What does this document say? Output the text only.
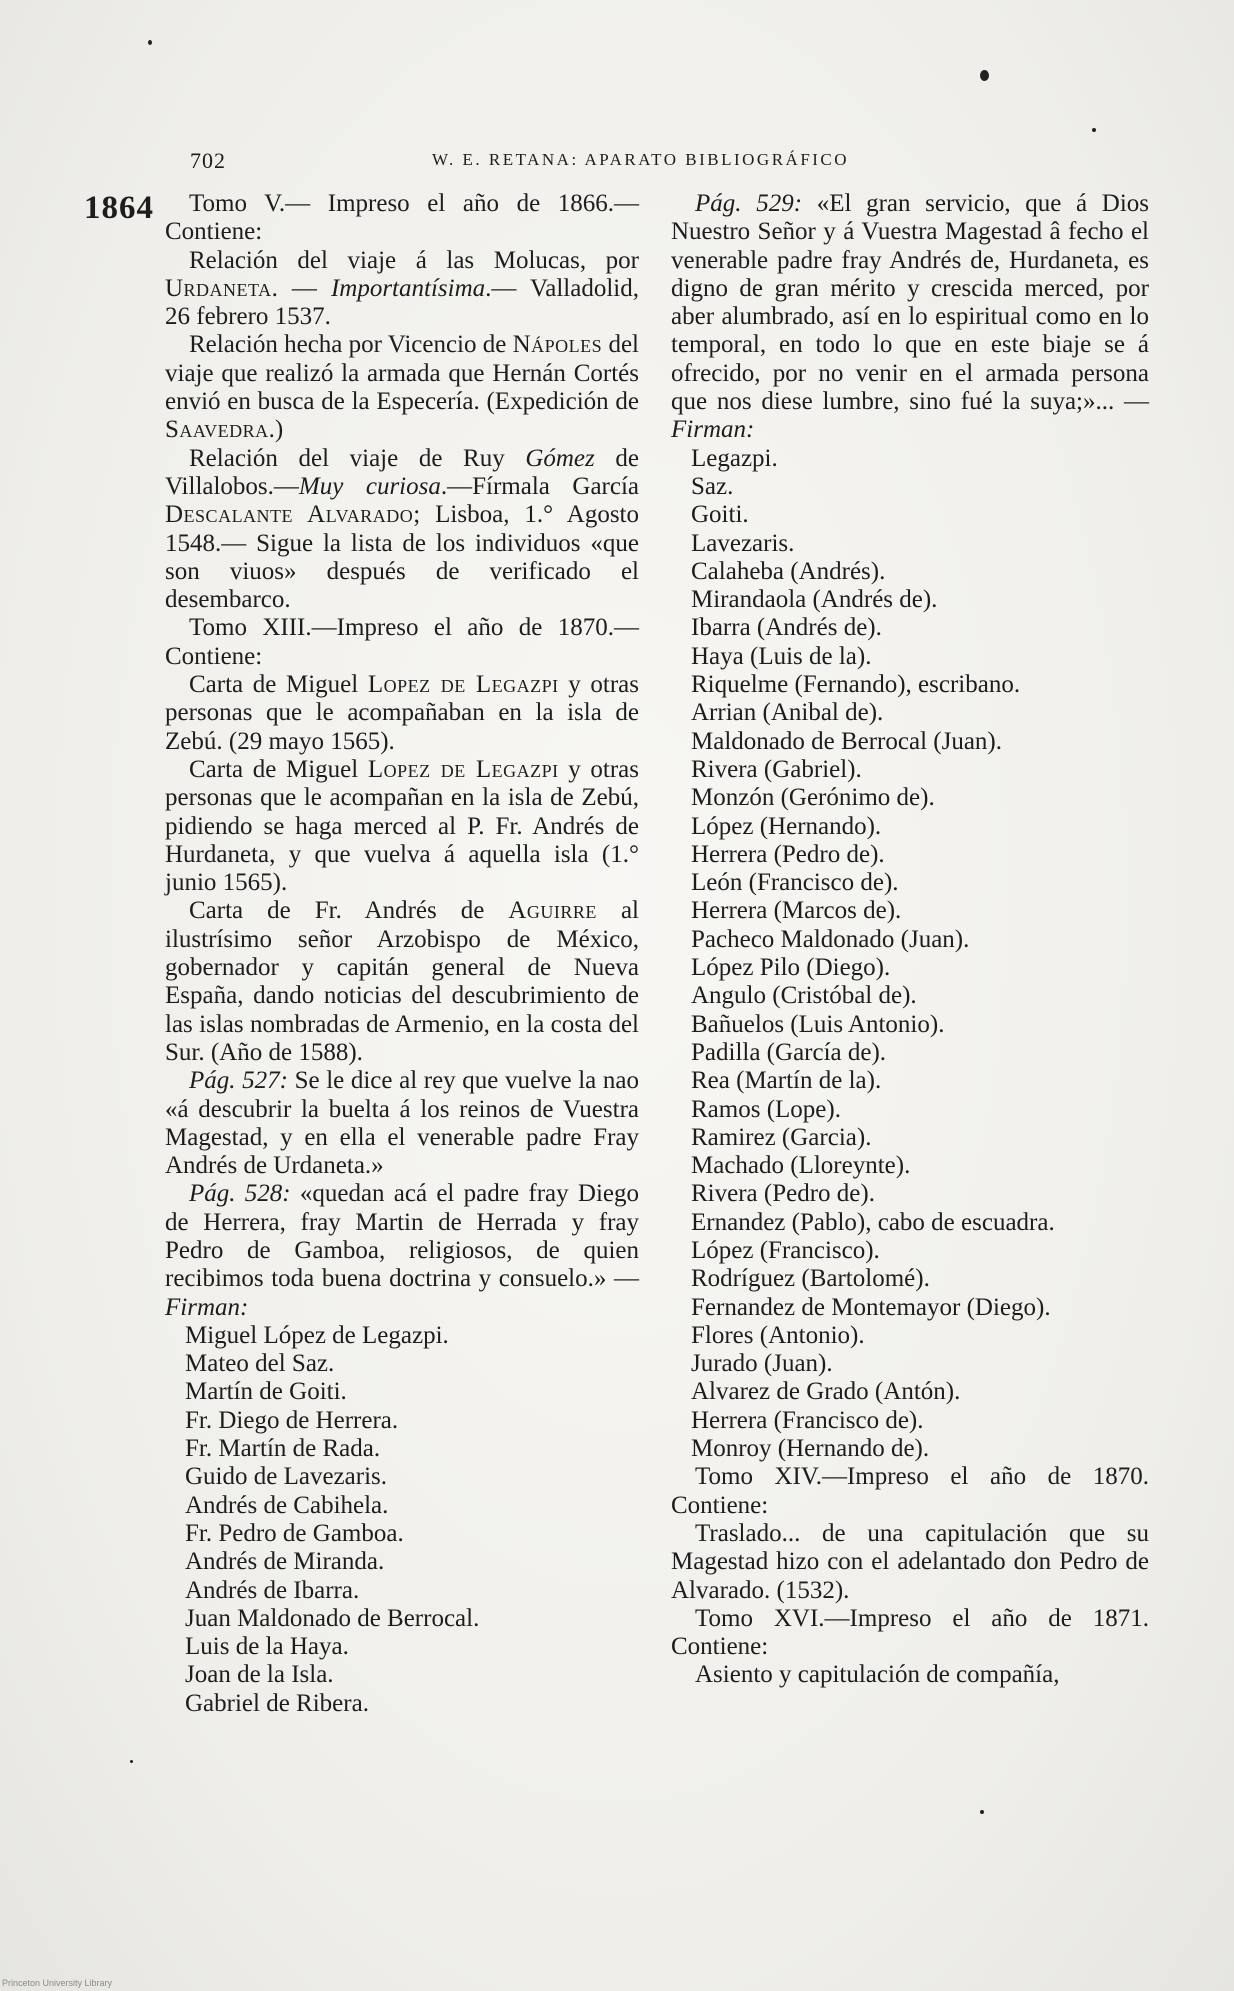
702	W. E. RETANA: APARATO BIBLIOGRÁFICO
1864	Tomo V.— Impreso el año de 1866.— Contiene:

Relación del viaje á las Molucas, por Urdaneta. — Importantísima.— Valladolid, 26 febrero 1537.

Relación hecha por Vicencio de Nápoles del viaje que realizó la armada que Hernán Cortés envió en busca de la Especería. (Expedición de Saavedra.)

Relación del viaje de Ruy Gómez de Villalobos.—Muy curiosa.—Fírmala García Descalante Alvarado; Lisboa, 1.° Agosto 1548.— Sigue la lista de los individuos «que son viuos» después de verificado el desembarco.

Tomo XIII.—Impreso el año de 1870.— Contiene:

Carta de Miguel Lopez de Legazpi y otras personas que le acompañaban en la isla de Zebú. (29 mayo 1565).

Carta de Miguel Lopez de Legazpi y otras personas que le acompañan en la isla de Zebú, pidiendo se haga merced al P. Fr. Andrés de Hurdaneta, y que vuelva á aquella isla (1.° junio 1565).

Carta de Fr. Andrés de Aguirre al ilustrísimo señor Arzobispo de México, gobernador y capitán general de Nueva España, dando noticias del descubrimiento de las islas nombradas de Armenio, en la costa del Sur. (Año de 1588).

Pág. 527: Se le dice al rey que vuelve la nao «á descubrir la buelta á los reinos de Vuestra Magestad, y en ella el venerable padre Fray Andrés de Urdaneta.»

Pág. 528: «quedan acá el padre fray Diego de Herrera, fray Martin de Herrada y fray Pedro de Gamboa, religiosos, de quien recibimos toda buena doctrina y consuelo.» — Firman:

Miguel López de Legazpi.

Mateo del Saz.

Martín de Goiti.

Fr. Diego de Herrera.

Fr. Martín de Rada.

Guido de Lavezaris.

Andrés de Cabihela.

Fr. Pedro de Gamboa.

Andrés de Miranda.

Andrés de Ibarra.

Juan Maldonado de Berrocal.

Luis de la Haya.

Joan de la Isla.

Gabriel de Ribera.

Pág. 529: «El gran servicio, que á Dios Nuestro Señor y á Vuestra Magestad â fecho el venerable padre fray Andrés de, Hurdaneta, es digno de gran mérito y crescida merced, por aber alumbrado, así en lo espiritual como en lo temporal, en todo lo que en este biaje se á ofrecido, por no venir en el armada persona que nos diese lumbre, sino fué la suya;»... — Firman:

Legazpi.

Saz.

Goiti.

Lavezaris.

Calaheba (Andrés).

Mirandaola (Andrés de).

Ibarra (Andrés de).

Haya (Luis de la).

Riquelme (Fernando), escribano.

Arrian (Anibal de).

Maldonado de Berrocal (Juan).

Rivera (Gabriel).

Monzón (Gerónimo de).

López (Hernando).

Herrera (Pedro de).

León (Francisco de).

Herrera (Marcos de).

Pacheco Maldonado (Juan).

López Pilo (Diego).

Angulo (Cristóbal de).

Bañuelos (Luis Antonio).

Padilla (García de).

Rea (Martín de la).

Ramos (Lope).

Ramirez (Garcia).

Machado (Lloreynte).

Rivera (Pedro de).

Ernandez (Pablo), cabo de escuadra.

López (Francisco).

Rodríguez (Bartolomé).

Fernandez de Montemayor (Diego).

Flores (Antonio).

Jurado (Juan).

Alvarez de Grado (Antón).

Herrera (Francisco de).

Monroy (Hernando de).

Tomo XIV.—Impreso el año de 1870. Contiene:

Traslado... de una capitulación que su Magestad hizo con el adelantado don Pedro de Alvarado. (1532).

Tomo XVI.—Impreso el año de 1871. Contiene:

Asiento y capitulación de compañía,

Princeton University Library
